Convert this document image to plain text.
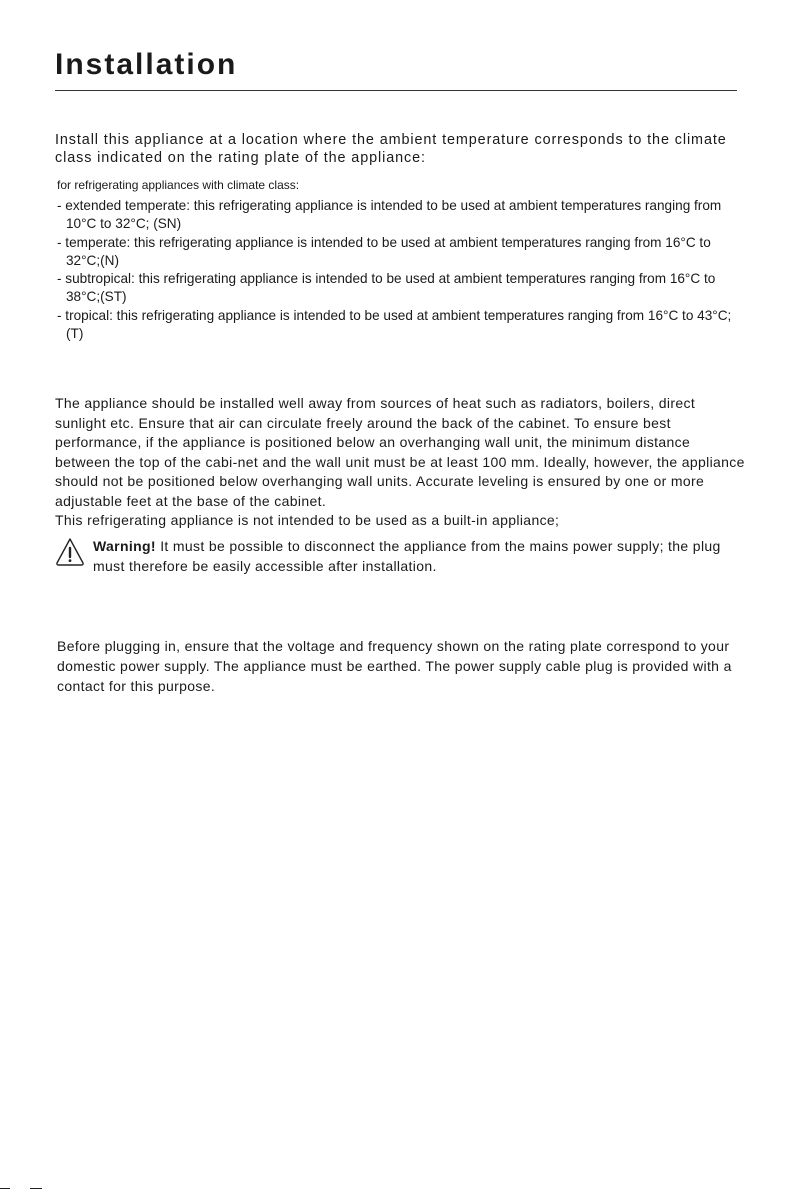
Installation
Install this appliance at a location where the ambient temperature corresponds to the climate class indicated on the rating plate of the appliance:
for refrigerating appliances with climate class:
- extended temperate: this refrigerating appliance is intended to be used at ambient temperatures ranging from 10°C to 32°C; (SN)
- temperate: this refrigerating appliance is intended to be used at ambient temperatures ranging from 16°C to 32°C;(N)
- subtropical: this refrigerating appliance is intended to be used at ambient temperatures ranging from 16°C to 38°C;(ST)
- tropical: this refrigerating appliance is intended to be used at ambient temperatures ranging from 16°C to 43°C;(T)

The appliance should be installed well away from sources of heat such as radiators, boilers, direct sunlight etc. Ensure that air can circulate freely around the back of the cabinet. To ensure best performance, if the appliance is positioned below an overhanging wall unit, the minimum distance between the top of the cabi-net and the wall unit must be at least 100 mm. Ideally, however, the appliance should not be positioned below overhanging wall units. Accurate leveling is ensured by one or more adjustable feet at the base of the cabinet.

This refrigerating appliance is not intended to be used as a built-in appliance;

Warning! It must be possible to disconnect the appliance from the mains power supply; the plug must therefore be easily accessible after installation.
Before plugging in, ensure that the voltage and frequency shown on the rating plate correspond to your domestic power supply. The appliance must be earthed. The power supply cable plug is provided with a contact for this purpose.
